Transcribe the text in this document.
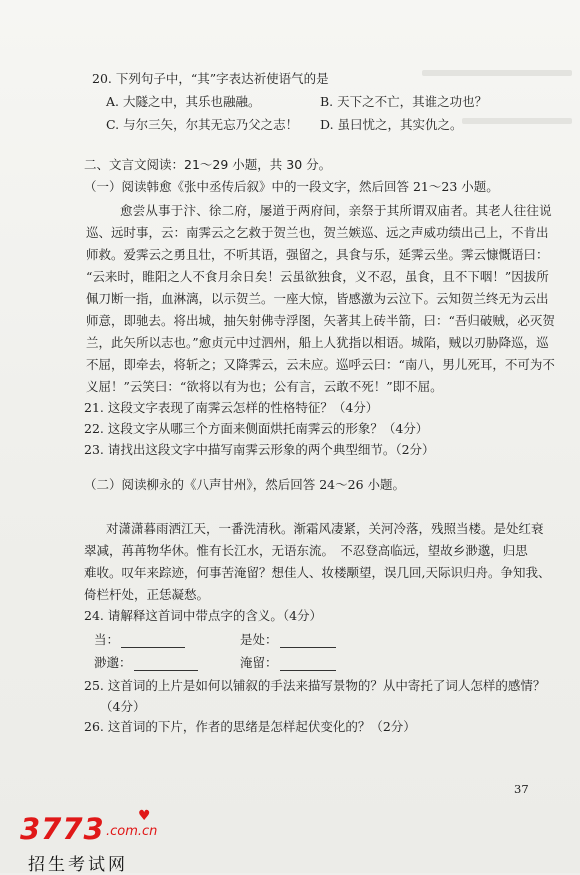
20. 下列句子中，“其”字表达祈使语气的是
A. 大隧之中，其乐也融融。	B. 天下之不亡，其谁之功也？
C. 与尔三矢，尔其无忘乃父之志！ D. 虽曰忧之，其实仇之。
二、文言文阅读：21～29 小题，共 30 分。
（一）阅读韩愈《张中丞传后叙》中的一段文字，然后回答 21～23 小题。
愈尝从事于汴、徐二府，屡道于两府间，亲祭于其所谓双庙者。其老人往往说
巡、远时事，云：南霁云之乞救于贺兰也，贺兰嫉巡、远之声威功绩出己上，不肯出
师救。爱霁云之勇且壮，不听其语，强留之，具食与乐，延霁云坐。霁云慷慨语曰：
“云来时，睢阳之人不食月余日矣！云虽欲独食，义不忍，虽食，且不下咽！”因拔所
佩刀断一指，血淋漓，以示贺兰。一座大惊，皆感激为云泣下。云知贺兰终无为云出
师意，即驰去。将出城，抽矢射佛寺浮图，矢著其上砖半箭，曰：“吾归破贼，必灭贺
兰，此矢所以志也。”愈贞元中过泗州，船上人犹指以相语。城陷，贼以刃胁降巡，巡
不屈，即牵去，将斩之；又降霁云，云未应。巡呼云曰：“南八，男儿死耳，不可为不
义屈！”云笑曰：“欲将以有为也；公有言，云敢不死！”即不屈。
21. 这段文字表现了南霁云怎样的性格特征？（4分）
22. 这段文字从哪三个方面来侧面烘托南霁云的形象？（4分）
23. 请找出这段文字中描写南霁云形象的两个典型细节。（2分）
（二）阅读柳永的《八声甘州》，然后回答 24～26 小题。
对潇潇暮雨洒江天，一番洗清秋。渐霜风凄紧，关河冷落，残照当楼。是处红衰
翠减，苒苒物华休。惟有长江水，无语东流。　不忍登高临远，望故乡渺邈，归思
难收。叹年来踪迹，何事苦淹留？想佳人、妆楼颙望，误几回,天际识归舟。争知我、
倚栏杆处，正恁凝愁。
24. 请解释这首词中带点字的含义。（4分）
当：	是处：
渺邈：	淹留：
25. 这首词的上片是如何以铺叙的手法来描写景物的？从中寄托了词人怎样的感情？
（4分）
26. 这首词的下片，作者的思绪是怎样起伏变化的？（2分）
37
3773 ♥
.com.cn
招生考试网
